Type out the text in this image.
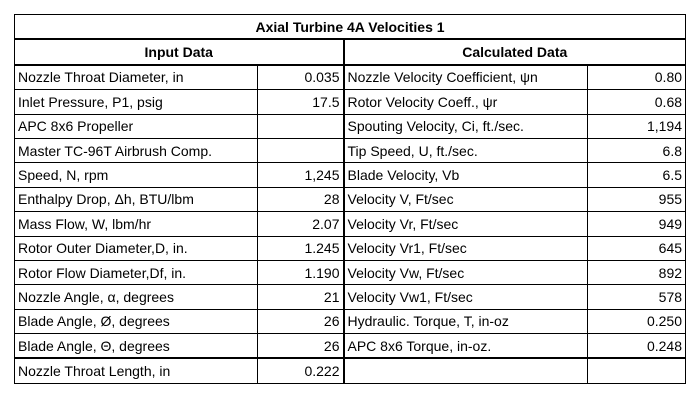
Axial Turbine 4A Velocities 1			
Input Data		Calculated Data	
Nozzle Throat Diameter, in	0.035	Nozzle Velocity Coefficient, ψn	0.80
Inlet Pressure, P1, psig	17.5	Rotor Velocity Coeff., ψr	0.68
APC 8x6 Propeller		Spouting Velocity, Ci, ft./sec.	1,194
Master TC-96T Airbrush Comp.		Tip Speed, U, ft./sec.	6.8
Speed, N, rpm	1,245	Blade Velocity, Vb	6.5
Enthalpy Drop, Δh, BTU/lbm	28	Velocity V, Ft/sec	955
Mass Flow, W, lbm/hr	2.07	Velocity Vr, Ft/sec	949
Rotor Outer Diameter,D, in.	1.245	Velocity Vr1, Ft/sec	645
Rotor Flow Diameter,Df, in.	1.190	Velocity Vw, Ft/sec	892
Nozzle Angle, α, degrees	21	Velocity Vw1, Ft/sec	578
Blade Angle, Ø, degrees	26	Hydraulic. Torque, T, in-oz	0.250
Blade Angle, Θ, degrees	26	APC 8x6 Torque, in-oz.	0.248
Nozzle Throat Length, in	0.222		
